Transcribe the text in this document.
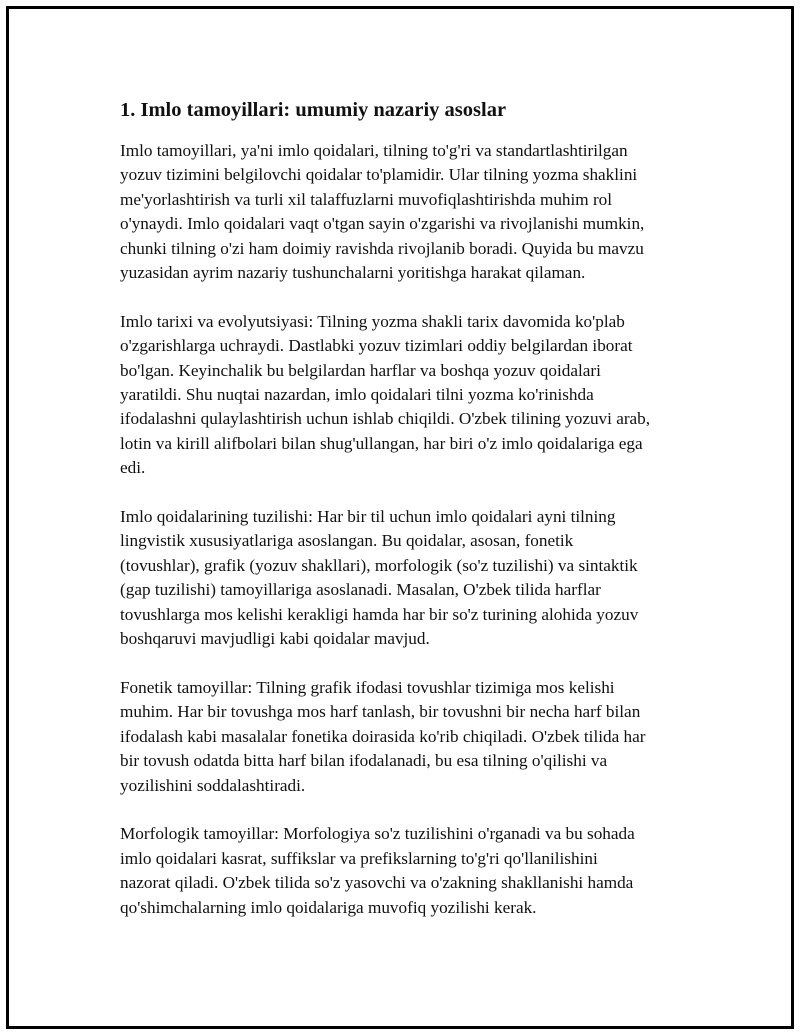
1. Imlo tamoyillari: umumiy nazariy asoslar

Imlo tamoyillari, ya'ni imlo qoidalari, tilning to'g'ri va standartlashtirilgan
yozuv tizimini belgilovchi qoidalar to'plamidir. Ular tilning yozma shaklini
me'yorlashtirish va turli xil talaffuzlarni muvofiqlashtirishda muhim rol
o'ynaydi. Imlo qoidalari vaqt o'tgan sayin o'zgarishi va rivojlanishi mumkin,
chunki tilning o'zi ham doimiy ravishda rivojlanib boradi. Quyida bu mavzu
yuzasidan ayrim nazariy tushunchalarni yoritishga harakat qilaman.

Imlo tarixi va evolyutsiyasi: Tilning yozma shakli tarix davomida ko'plab
o'zgarishlarga uchraydi. Dastlabki yozuv tizimlari oddiy belgilardan iborat
bo'lgan. Keyinchalik bu belgilardan harflar va boshqa yozuv qoidalari
yaratildi. Shu nuqtai nazardan, imlo qoidalari tilni yozma ko'rinishda
ifodalashni qulaylashtirish uchun ishlab chiqildi. O'zbek tilining yozuvi arab,
lotin va kirill alifbolari bilan shug'ullangan, har biri o'z imlo qoidalariga ega
edi.

Imlo qoidalarining tuzilishi: Har bir til uchun imlo qoidalari ayni tilning
lingvistik xususiyatlariga asoslangan. Bu qoidalar, asosan, fonetik
(tovushlar), grafik (yozuv shakllari), morfologik (so'z tuzilishi) va sintaktik
(gap tuzilishi) tamoyillariga asoslanadi. Masalan, O'zbek tilida harflar
tovushlarga mos kelishi kerakligi hamda har bir so'z turining alohida yozuv
boshqaruvi mavjudligi kabi qoidalar mavjud.

Fonetik tamoyillar: Tilning grafik ifodasi tovushlar tizimiga mos kelishi
muhim. Har bir tovushga mos harf tanlash, bir tovushni bir necha harf bilan
ifodalash kabi masalalar fonetika doirasida ko'rib chiqiladi. O'zbek tilida har
bir tovush odatda bitta harf bilan ifodalanadi, bu esa tilning o'qilishi va
yozilishini soddalashtiradi.

Morfologik tamoyillar: Morfologiya so'z tuzilishini o'rganadi va bu sohada
imlo qoidalari kasrat, suffikslar va prefikslarning to'g'ri qo'llanilishini
nazorat qiladi. O'zbek tilida so'z yasovchi va o'zakning shakllanishi hamda
qo'shimchalarning imlo qoidalariga muvofiq yozilishi kerak.
